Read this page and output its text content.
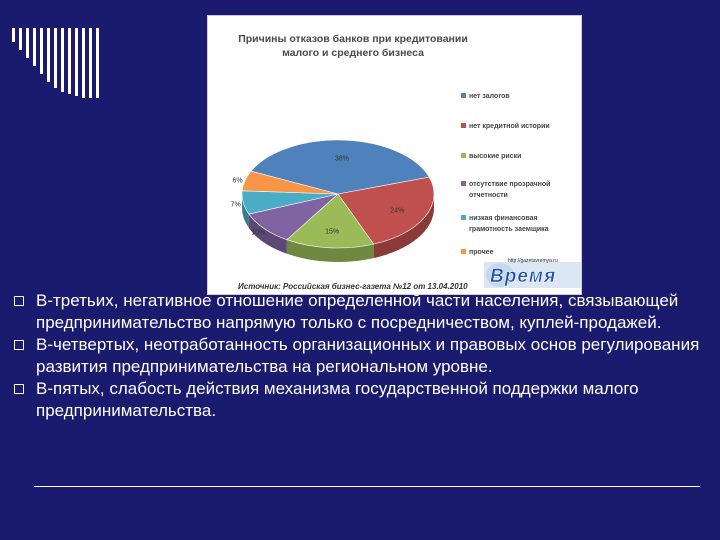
Причины отказов банков при кредитовании
малого и среднего бизнеса
38%
24%
15%
10%
7%
6%
нет залогов
нет кредитной истории
высокие риски
отсутствие прозрачной
отчетности
низкая финансовая
грамотность заемщика
прочее
Источник: Российская бизнес-газета №12 от 13.04.2010
http://gazetavremya.ru
Время
В-третьих, негативное отношение определенной части населения, связывающей предпринимательство напрямую только с посредничеством, куплей-продажей.
В-четвертых, неотработанность организационных и правовых основ регулирования развития предпринимательства на региональном уровне.
В-пятых, слабость действия механизма государственной поддержки малого предпринимательства.
